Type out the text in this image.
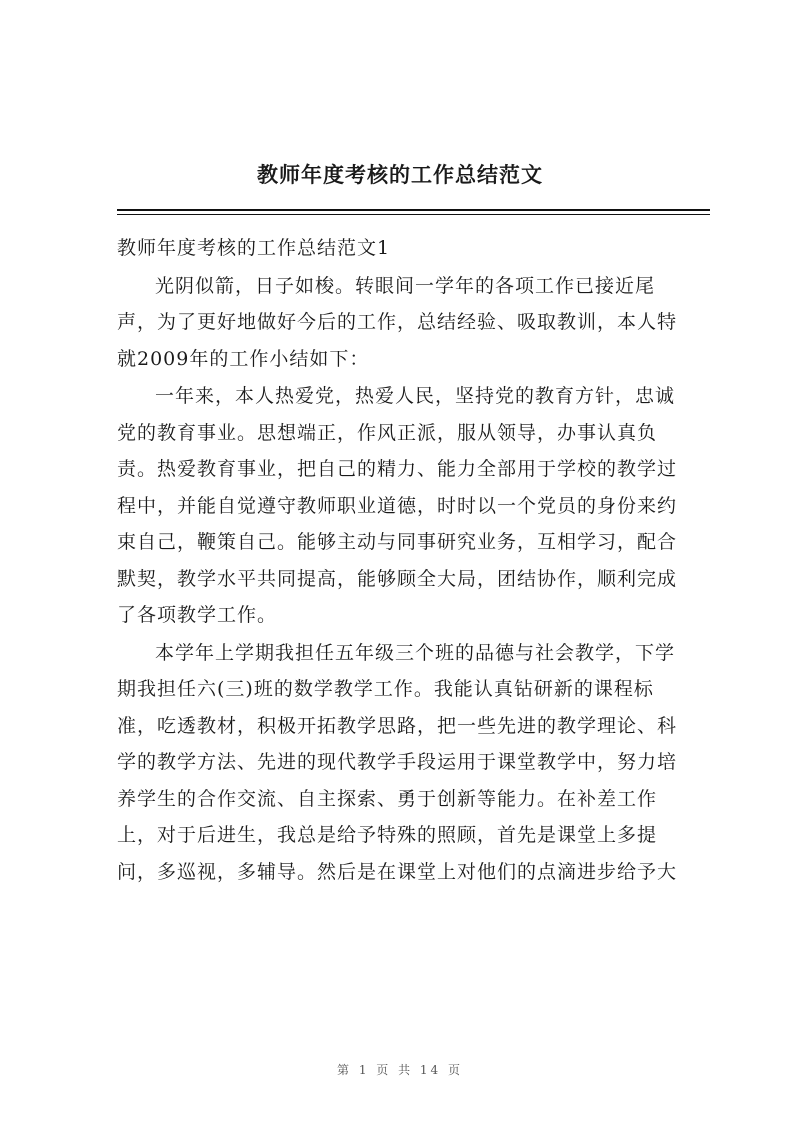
教师年度考核的工作总结范文

教师年度考核的工作总结范文1

光阴似箭，日子如梭。转眼间一学年的各项工作已接近尾
声，为了更好地做好今后的工作，总结经验、吸取教训，本人特
就2009年的工作小结如下：

一年来，本人热爱党，热爱人民，坚持党的教育方针，忠诚
党的教育事业。思想端正，作风正派，服从领导，办事认真负
责。热爱教育事业，把自己的精力、能力全部用于学校的教学过
程中，并能自觉遵守教师职业道德，时时以一个党员的身份来约
束自己，鞭策自己。能够主动与同事研究业务，互相学习，配合
默契，教学水平共同提高，能够顾全大局，团结协作，顺利完成
了各项教学工作。

本学年上学期我担任五年级三个班的品德与社会教学，下学
期我担任六(三)班的数学教学工作。我能认真钻研新的课程标
准，吃透教材，积极开拓教学思路，把一些先进的教学理论、科
学的教学方法、先进的现代教学手段运用于课堂教学中，努力培
养学生的合作交流、自主探索、勇于创新等能力。在补差工作
上，对于后进生，我总是给予特殊的照顾，首先是课堂上多提
问，多巡视，多辅导。然后是在课堂上对他们的点滴进步给予大

第 1 页 共 14 页
